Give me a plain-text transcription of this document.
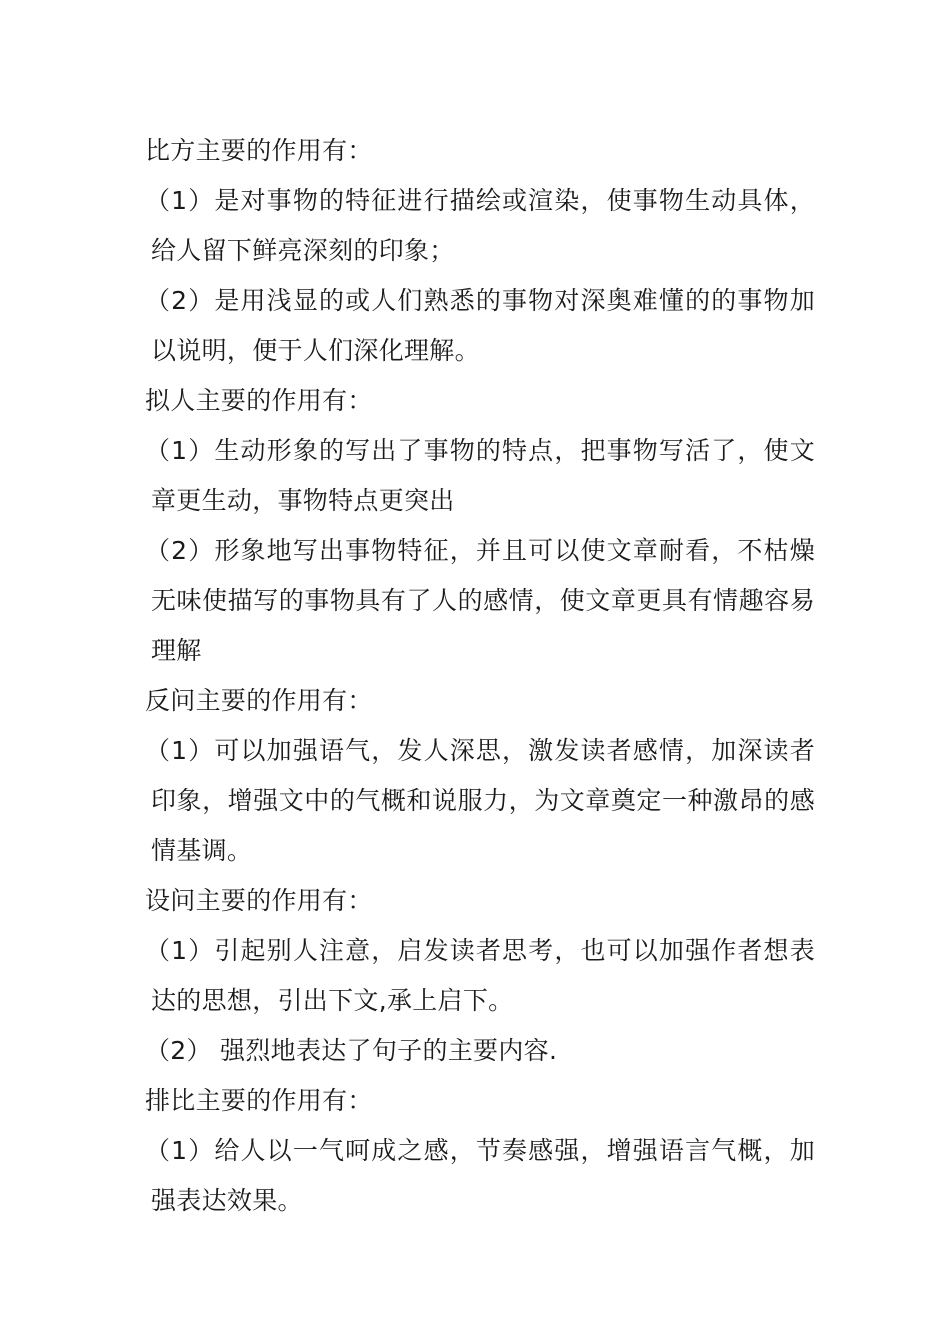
比方主要的作用有：

（1）是对事物的特征进行描绘或渲染，使事物生动具体，给人留下鲜亮深刻的印象；

（2）是用浅显的或人们熟悉的事物对深奥难懂的的事物加以说明，便于人们深化理解。

拟人主要的作用有：

（1）生动形象的写出了事物的特点，把事物写活了，使文章更生动，事物特点更突出

（2）形象地写出事物特征，并且可以使文章耐看，不枯燥无味使描写的事物具有了人的感情，使文章更具有情趣容易理解

反问主要的作用有：

（1）可以加强语气，发人深思，激发读者感情，加深读者印象，增强文中的气概和说服力，为文章奠定一种激昂的感情基调。

设问主要的作用有：

（1）引起别人注意，启发读者思考，也可以加强作者想表达的思想，引出下文,承上启下。

（2） 强烈地表达了句子的主要内容.

排比主要的作用有：

（1）给人以一气呵成之感，节奏感强，增强语言气概，加强表达效果。
